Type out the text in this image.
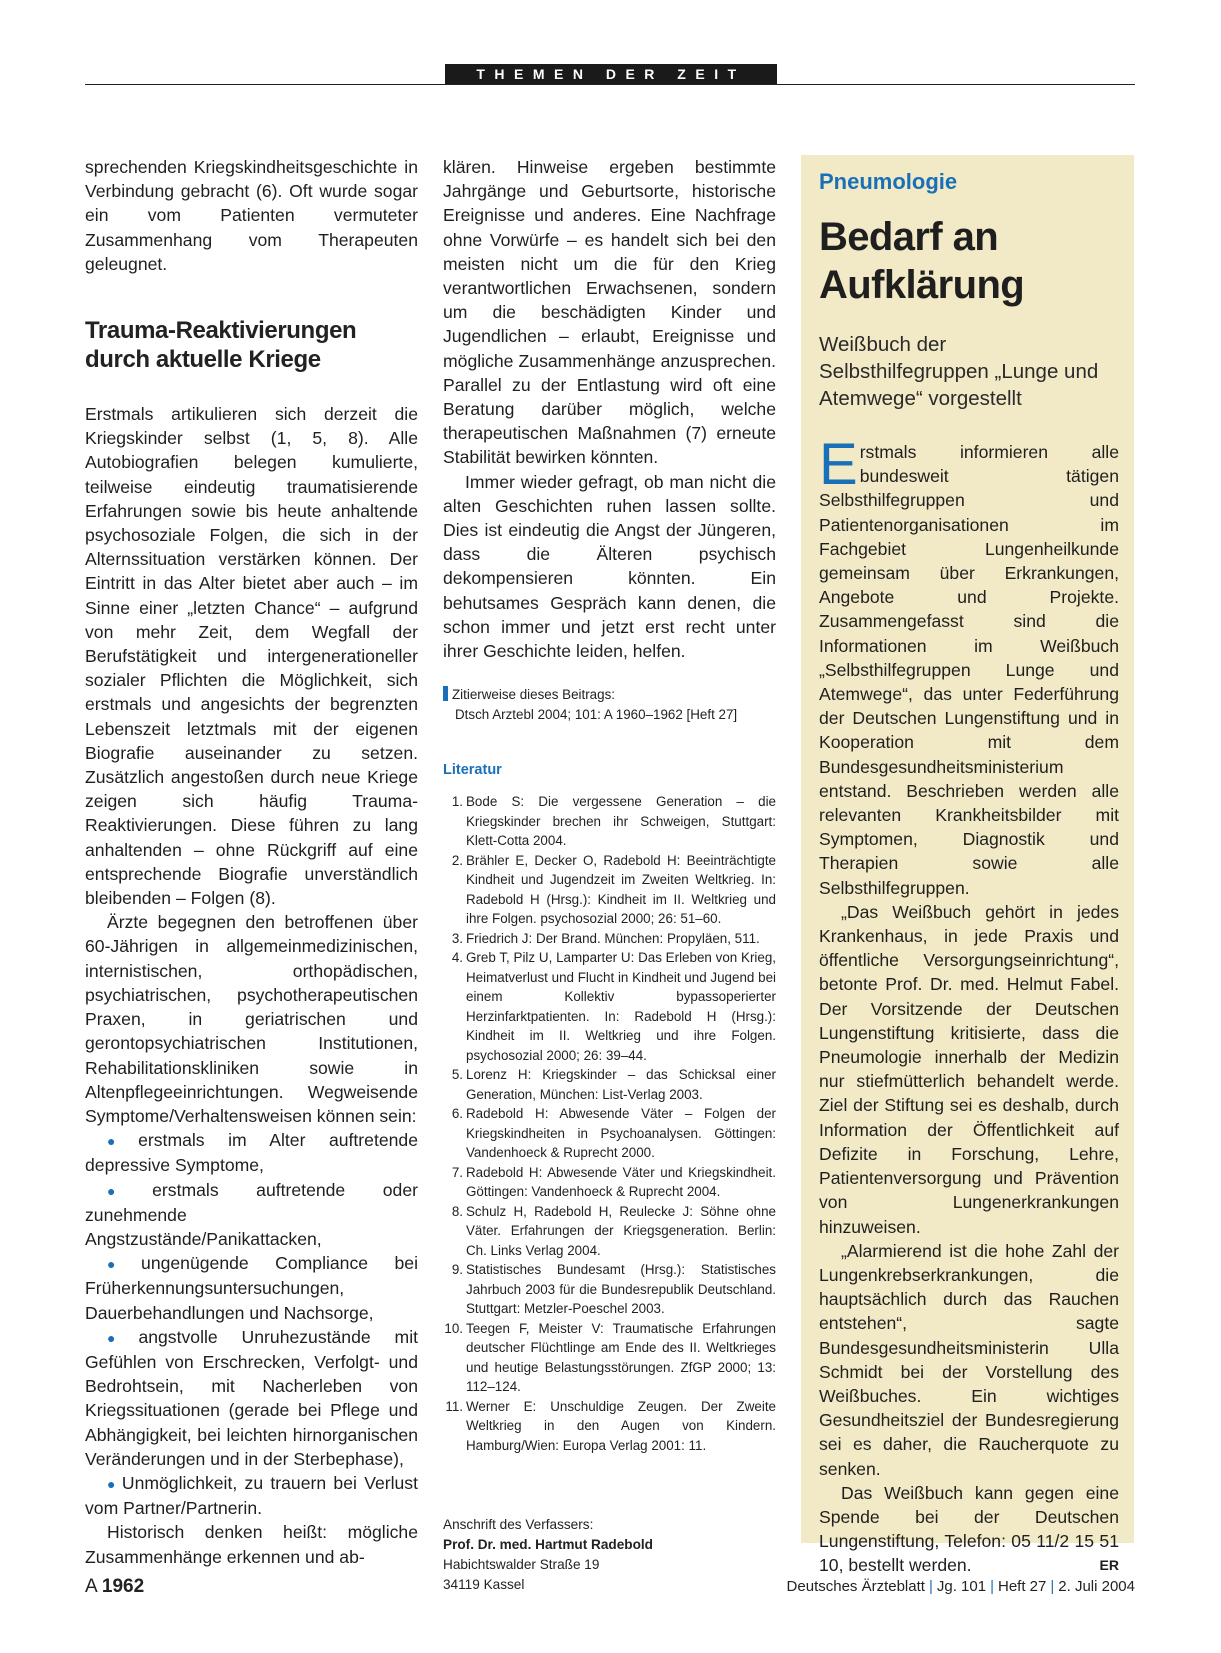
THEMEN DER ZEIT

sprechenden Kriegskindheitsgeschichte in Verbindung gebracht (6). Oft wurde sogar ein vom Patienten vermuteter Zusammenhang vom Therapeuten geleugnet.

Trauma-Reaktivierungen durch aktuelle Kriege

Erstmals artikulieren sich derzeit die Kriegskinder selbst (1, 5, 8). Alle Autobiografien belegen kumulierte, teilweise eindeutig traumatisierende Erfahrungen sowie bis heute anhaltende psychosoziale Folgen, die sich in der Alternssituation verstärken können. Der Eintritt in das Alter bietet aber auch – im Sinne einer „letzten Chance“ – aufgrund von mehr Zeit, dem Wegfall der Berufstätigkeit und intergenerationeller sozialer Pflichten die Möglichkeit, sich erstmals und angesichts der begrenzten Lebenszeit letztmals mit der eigenen Biografie auseinander zu setzen. Zusätzlich angestoßen durch neue Kriege zeigen sich häufig Trauma-Reaktivierungen. Diese führen zu lang anhaltenden – ohne Rückgriff auf eine entsprechende Biografie unverständlich bleibenden – Folgen (8).

Ärzte begegnen den betroffenen über 60-Jährigen in allgemeinmedizinischen, internistischen, orthopädischen, psychiatrischen, psychotherapeutischen Praxen, in geriatrischen und gerontopsychiatrischen Institutionen, Rehabilitationskliniken sowie in Altenpflegeeinrichtungen. Wegweisende Symptome/Verhaltensweisen können sein:

● erstmals im Alter auftretende depressive Symptome,

● erstmals auftretende oder zunehmende Angstzustände/Panikattacken,

● ungenügende Compliance bei Früherkennungsuntersuchungen, Dauerbehandlungen und Nachsorge,

● angstvolle Unruhezustände mit Gefühlen von Erschrecken, Verfolgt- und Bedrohtsein, mit Nacherleben von Kriegssituationen (gerade bei Pflege und Abhängigkeit, bei leichten hirnorganischen Veränderungen und in der Sterbephase),

● Unmöglichkeit, zu trauern bei Verlust vom Partner/Partnerin.

Historisch denken heißt: mögliche Zusammenhänge erkennen und ab-

klären. Hinweise ergeben bestimmte Jahrgänge und Geburtsorte, historische Ereignisse und anderes. Eine Nachfrage ohne Vorwürfe – es handelt sich bei den meisten nicht um die für den Krieg verantwortlichen Erwachsenen, sondern um die beschädigten Kinder und Jugendlichen – erlaubt, Ereignisse und mögliche Zusammenhänge anzusprechen. Parallel zu der Entlastung wird oft eine Beratung darüber möglich, welche therapeutischen Maßnahmen (7) erneute Stabilität bewirken könnten.

Immer wieder gefragt, ob man nicht die alten Geschichten ruhen lassen sollte. Dies ist eindeutig die Angst der Jüngeren, dass die Älteren psychisch dekompensieren könnten. Ein behutsames Gespräch kann denen, die schon immer und jetzt erst recht unter ihrer Geschichte leiden, helfen.

Zitierweise dieses Beitrags:
Dtsch Arztebl 2004; 101: A 1960–1962 [Heft 27]
Literatur
1. Bode S: Die vergessene Generation – die Kriegskinder brechen ihr Schweigen, Stuttgart: Klett-Cotta 2004.
2. Brähler E, Decker O, Radebold H: Beeinträchtigte Kindheit und Jugendzeit im Zweiten Weltkrieg. In: Radebold H (Hrsg.): Kindheit im II. Weltkrieg und ihre Folgen. psychosozial 2000; 26: 51–60.
3. Friedrich J: Der Brand. München: Propyläen, 511.
4. Greb T, Pilz U, Lamparter U: Das Erleben von Krieg, Heimatverlust und Flucht in Kindheit und Jugend bei einem Kollektiv bypassoperierter Herzinfarktpatienten. In: Radebold H (Hrsg.): Kindheit im II. Weltkrieg und ihre Folgen. psychosozial 2000; 26: 39–44.
5. Lorenz H: Kriegskinder – das Schicksal einer Generation, München: List-Verlag 2003.
6. Radebold H: Abwesende Väter – Folgen der Kriegskindheiten in Psychoanalysen. Göttingen: Vandenhoeck & Ruprecht 2000.
7. Radebold H: Abwesende Väter und Kriegskindheit. Göttingen: Vandenhoeck & Ruprecht 2004.
8. Schulz H, Radebold H, Reulecke J: Söhne ohne Väter. Erfahrungen der Kriegsgeneration. Berlin: Ch. Links Verlag 2004.
9. Statistisches Bundesamt (Hrsg.): Statistisches Jahrbuch 2003 für die Bundesrepublik Deutschland. Stuttgart: Metzler-Poeschel 2003.
10. Teegen F, Meister V: Traumatische Erfahrungen deutscher Flüchtlinge am Ende des II. Weltkrieges und heutige Belastungsstörungen. ZfGP 2000; 13: 112–124.
11. Werner E: Unschuldige Zeugen. Der Zweite Weltkrieg in den Augen von Kindern. Hamburg/Wien: Europa Verlag 2001: 11.
Anschrift des Verfassers:
Prof. Dr. med. Hartmut Radebold
Habichtswalder Straße 19
34119 Kassel
Pneumologie
Bedarf an Aufklärung
Weißbuch der Selbsthilfegruppen „Lunge und Atemwege“ vorgestellt

Erstmals informieren alle bundesweit tätigen Selbsthilfegruppen und Patientenorganisationen im Fachgebiet Lungenheilkunde gemeinsam über Erkrankungen, Angebote und Projekte. Zusammengefasst sind die Informationen im Weißbuch „Selbsthilfegruppen Lunge und Atemwege“, das unter Federführung der Deutschen Lungenstiftung und in Kooperation mit dem Bundesgesundheitsministerium entstand. Beschrieben werden alle relevanten Krankheitsbilder mit Symptomen, Diagnostik und Therapien sowie alle Selbsthilfegruppen.

„Das Weißbuch gehört in jedes Krankenhaus, in jede Praxis und öffentliche Versorgungseinrichtung“, betonte Prof. Dr. med. Helmut Fabel. Der Vorsitzende der Deutschen Lungenstiftung kritisierte, dass die Pneumologie innerhalb der Medizin nur stiefmütterlich behandelt werde. Ziel der Stiftung sei es deshalb, durch Information der Öffentlichkeit auf Defizite in Forschung, Lehre, Patientenversorgung und Prävention von Lungenerkrankungen hinzuweisen.

„Alarmierend ist die hohe Zahl der Lungenkrebserkrankungen, die hauptsächlich durch das Rauchen entstehen“, sagte Bundesgesundheitsministerin Ulla Schmidt bei der Vorstellung des Weißbuches. Ein wichtiges Gesundheitsziel der Bundesregierung sei es daher, die Raucherquote zu senken.

Das Weißbuch kann gegen eine Spende bei der Deutschen Lungenstiftung, Telefon: 05 11/2 15 51 10, bestellt werden.	ER

A 1962	Deutsches Ärzteblatt | Jg. 101 | Heft 27 | 2. Juli 2004
